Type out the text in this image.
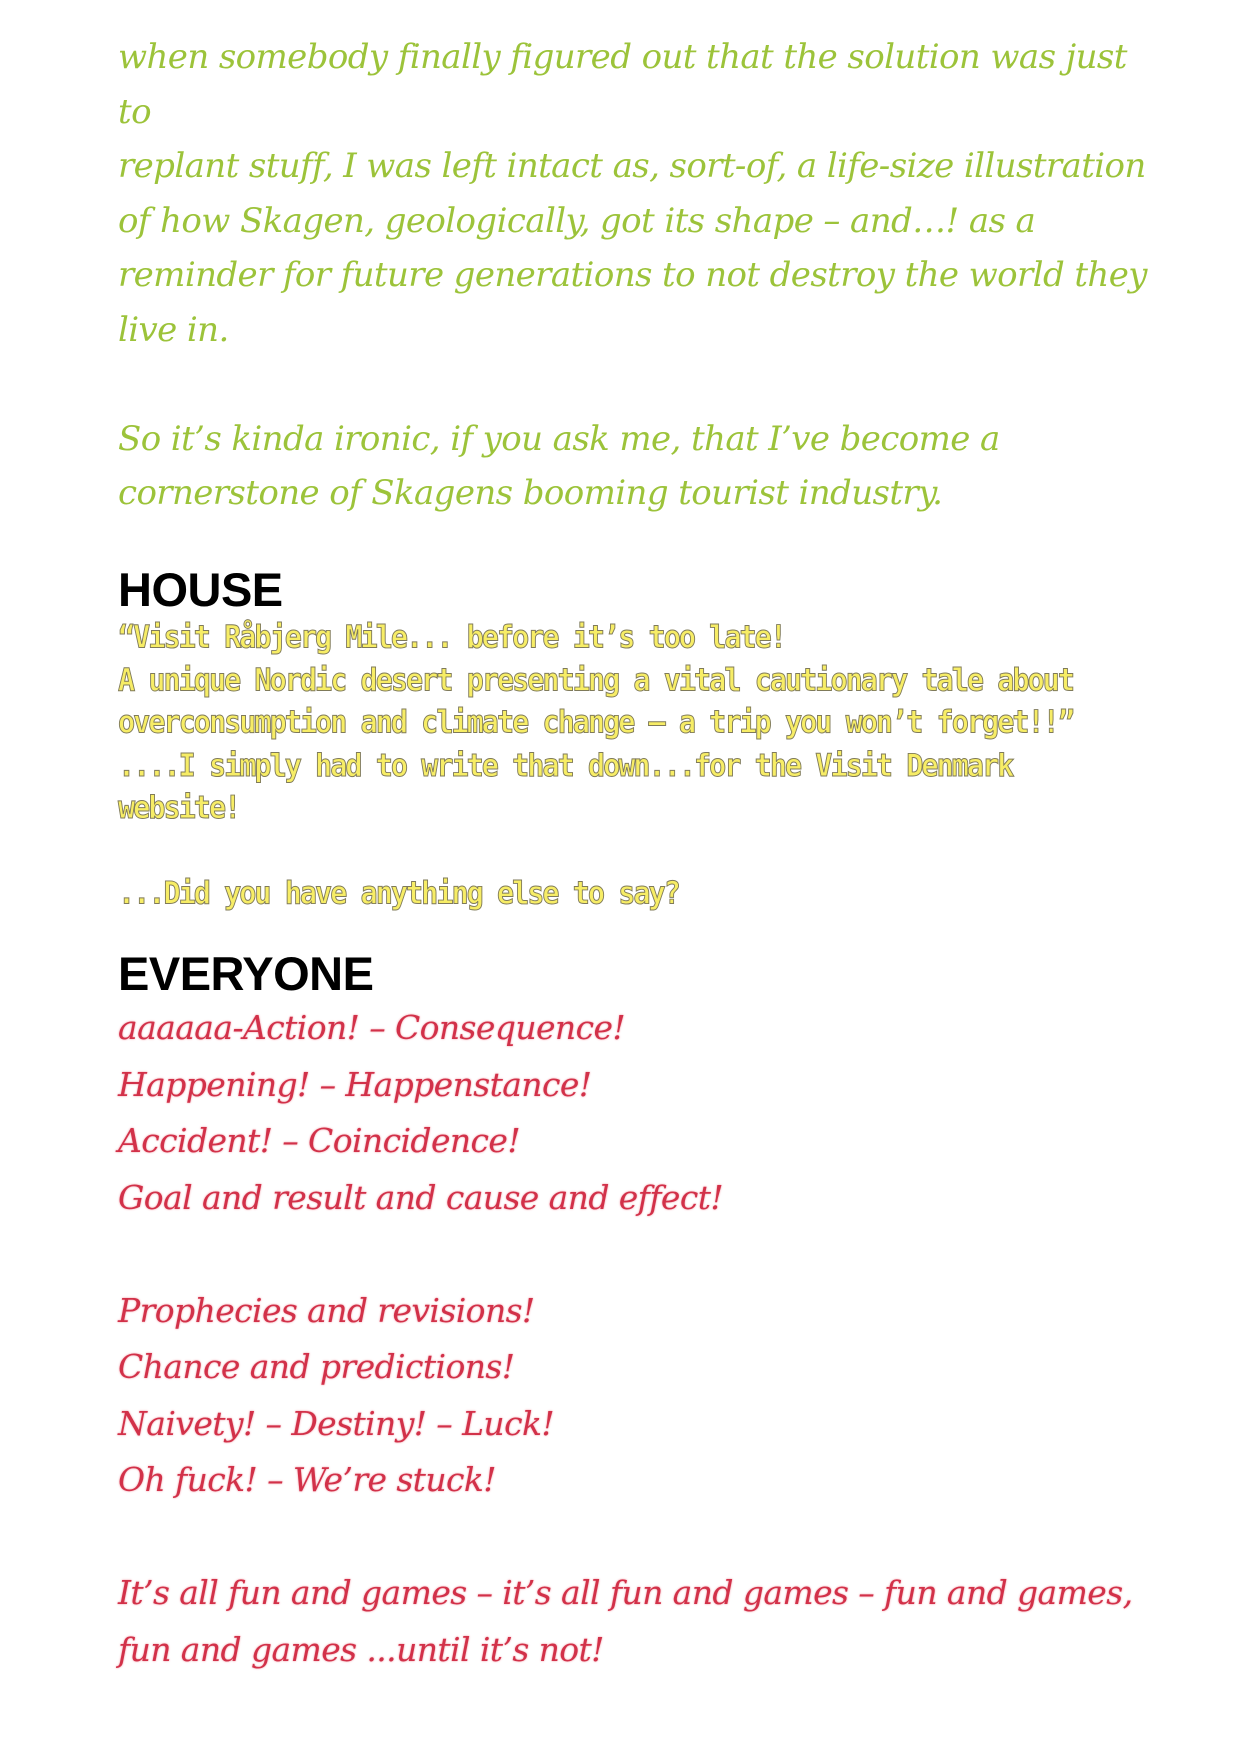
when somebody finally figured out that the solution was just to
replant stuff, I was left intact as, sort-of, a life-size illustration
of how Skagen, geologically, got its shape – and…! as a
reminder for future generations to not destroy the world they
live in.

So it’s kinda ironic, if you ask me, that I’ve become a
cornerstone of Skagens booming tourist industry.

HOUSE

“Visit Råbjerg Mile... before it’s too late!
A unique Nordic desert presenting a vital cautionary tale about
overconsumption and climate change – a trip you won’t forget!!”
....I simply had to write that down...for the Visit Denmark website!

...Did you have anything else to say?

EVERYONE

aaaaaa-Action! – Consequence!
Happening! – Happenstance!
Accident! – Coincidence!
Goal and result and cause and effect!

Prophecies and revisions!
Chance and predictions!
Naivety! – Destiny! – Luck!
Oh fuck! – We’re stuck!

It’s all fun and games – it’s all fun and games – fun and games,
fun and games ...until it’s not!
